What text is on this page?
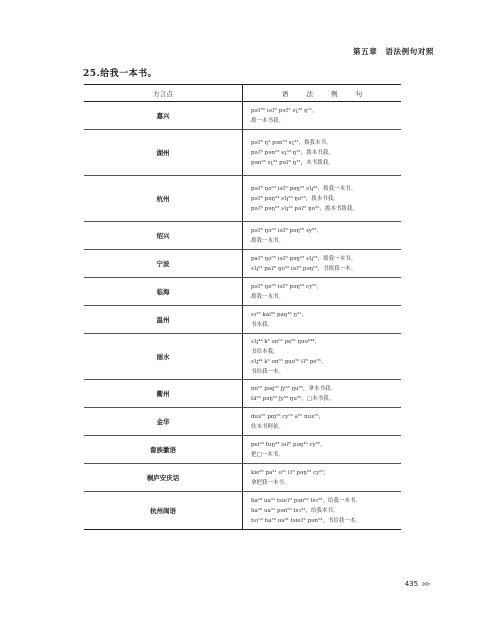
第五章　语法例句对照
25.给我一本书。
方言点	语 法 例 句
嘉兴	pəʔ⁵⁵ iəʔ⁵ pəʔ⁵ sʅ³³ ŋ²¹，
拨一本书我。

湖州	pəʔ⁵ ŋ³ pən⁵³ sʅ³¹，拨我本书。
pəʔ⁵ pən⁵³ sʅ³³ ŋ²¹，拨本书我。
pən⁵³ sʅ³³ pəʔ⁵ ŋ²¹，本书拨我。

杭州	pəʔ⁵ ŋo⁵³ iəʔ⁵ pəŋ⁵³ sʮ³³，拨我一本书。
pəʔ⁵ pəŋ⁵³ sʮ³³ ŋo⁵³，拨本书我。
pəʔ⁵ pəŋ⁵³ sʮ³³ pəʔ⁵ ŋo⁵³，拨本书拨我。

绍兴	pəʔ⁵ ŋo⁵⁵ iəʔ⁵ pəŋ⁵⁵ sy⁵³，
拨我一本书。

宁波	paʔ⁵ ŋo⁵⁵ iəʔ⁵ pəŋ⁵³ sʮ⁵³，拨我一本书。
sʮ⁵³ paʔ⁵ ŋo⁵³ iəʔ⁵ pəŋ⁵³，书拨我一本。

临海	pəʔ⁵ ŋe⁵⁵ iəʔ⁵ pəŋ⁵³ cy⁵³，
拨我一本书。

温州	sɿ³³ kai⁵⁵ paŋ⁴⁵ ŋ³¹，
书本我。

丽水	sʮ⁴⁴ k⁵ on⁵⁵ pe⁵⁵ ŋuo⁵⁴⁴，
书给本我。
sʮ⁴⁴ k⁵ on⁵⁵ guo⁵⁵ iʔ⁵ pe⁵⁵，
书给我一本。

衢州	nn⁵⁵ pəŋ⁵⁵ ʃy⁵³ ŋu³⁵，拿本书我。
tä⁵⁵ pəŋ⁵⁵ ʃy⁵³ ŋu³⁵，□本书我。

金华	duɤ⁵⁵ pɪŋ⁵³ cy⁵⁵ a⁵⁵ nuɤ⁵⁵，
驮本书阿依。

畲族徽语	pei³³ tuŋ²⁵ iəʔ⁵ pəŋ⁴² cy⁵⁵，
把□一本书。

桐庐安庆话	kie³⁵ pa³¹ o³¹ iʔ⁵ pəŋ⁵³ cy⁵⁵，
拿把我一本书。

杭州闽语	ha³³ ua³¹ tsieʔ³ pən⁵³ tsɿ⁵³，给我一本书。
ha³³ ua³¹ pən⁵³ tsɿ⁵³，给我本书。
tsɿ⁵³ ha³³ ua³¹ tsieʔ³ pən⁵³，书给我一本。
435 ᐅᐅ
